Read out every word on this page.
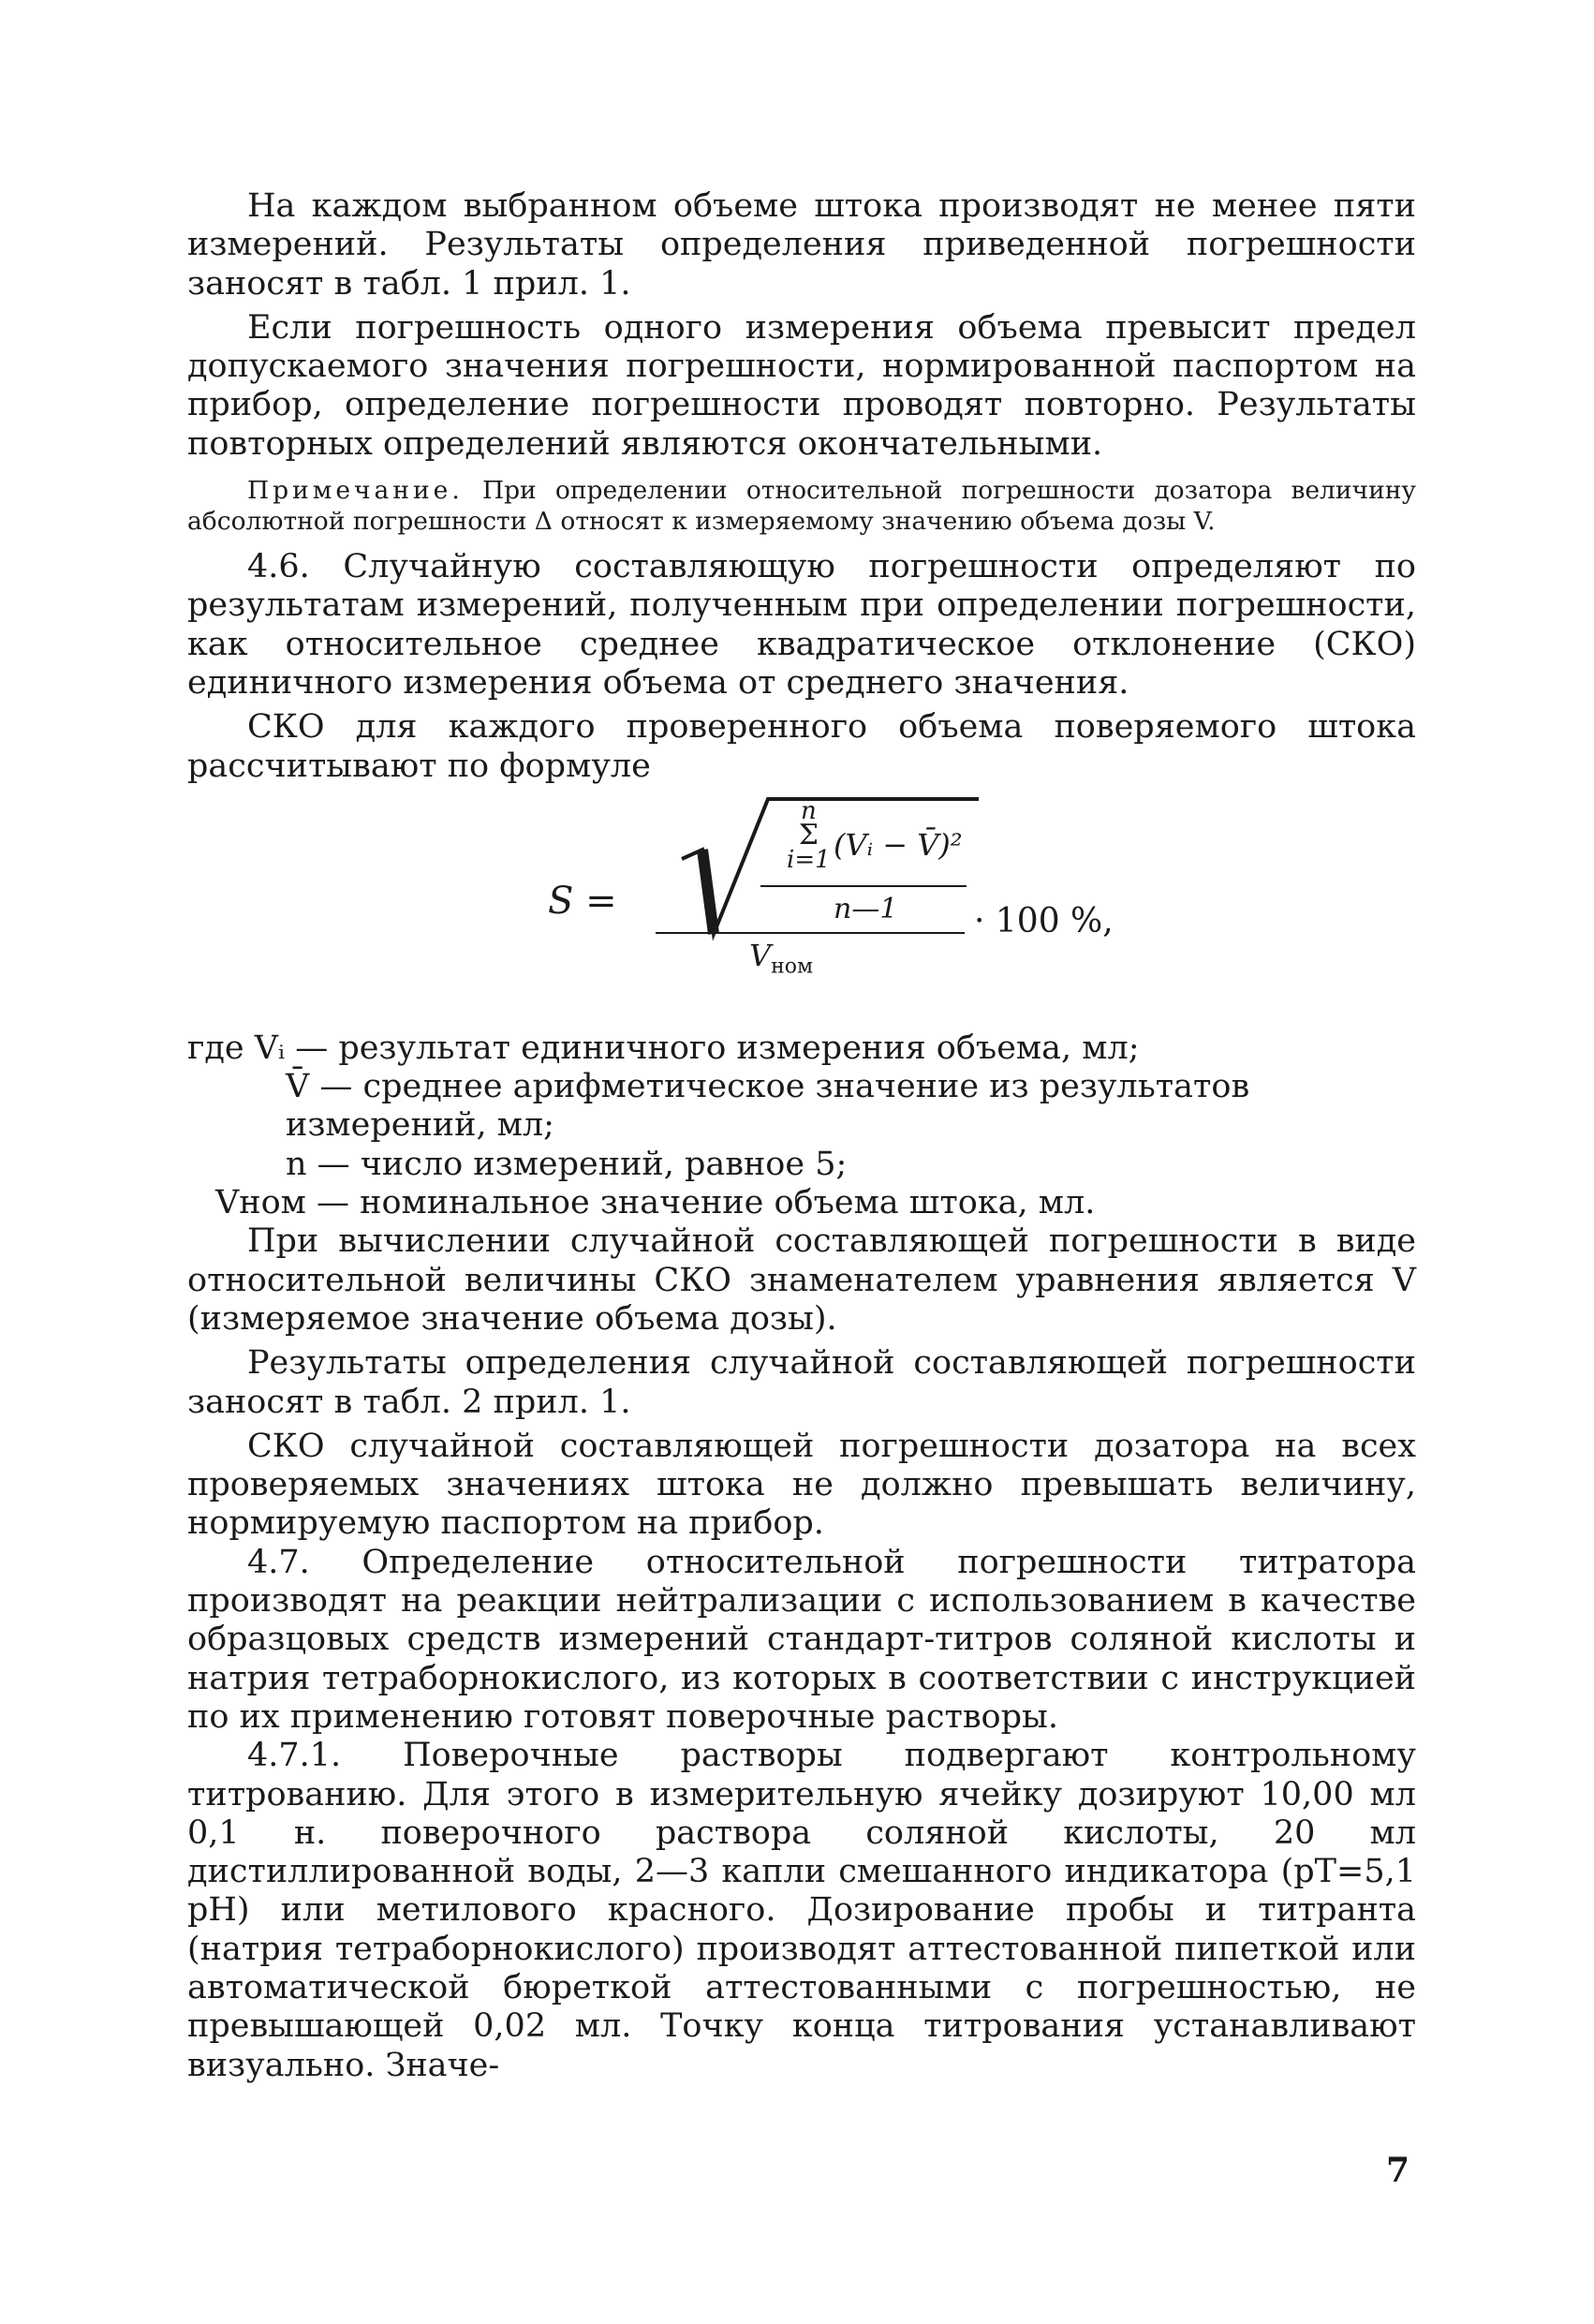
На каждом выбранном объеме штока производят не менее пяти измерений. Результаты определения приведенной погрешности заносят в табл. 1 прил. 1.

Если погрешность одного измерения объема превысит предел допускаемого значения погрешности, нормированной паспортом на прибор, определение погрешности проводят повторно. Результаты повторных определений являются окончательными.

Примечание. При определении относительной погрешности дозатора величину абсолютной погрешности Δ относят к измеряемому значению объема дозы V.

4.6. Случайную составляющую погрешности определяют по результатам измерений, полученным при определении погрешности, как относительное среднее квадратическое отклонение (СКО) единичного измерения объема от среднего значения.

СКО для каждого проверенного объема поверяемого штока рассчитывают по формуле

S =
n
Σ
i=1 (Vᵢ − V̄)²
n—1
$V_{ном}$
· 100 %,
где Vᵢ — результат единичного измерения объема, мл;
V̄ — среднее арифметическое значение из результатов измерений, мл;
n — число измерений, равное 5;
Vном — номинальное значение объема штока, мл.

При вычислении случайной составляющей погрешности в виде относительной величины СКО знаменателем уравнения является V (измеряемое значение объема дозы).

Результаты определения случайной составляющей погрешности заносят в табл. 2 прил. 1.

СКО случайной составляющей погрешности дозатора на всех проверяемых значениях штока не должно превышать величину, нормируемую паспортом на прибор.

4.7. Определение относительной погрешности титратора производят на реакции нейтрализации с использованием в качестве образцовых средств измерений стандарт-титров соляной кислоты и натрия тетраборнокислого, из которых в соответствии с инструкцией по их применению готовят поверочные растворы.

4.7.1. Поверочные растворы подвергают контрольному титрованию. Для этого в измерительную ячейку дозируют 10,00 мл 0,1 н. поверочного раствора соляной кислоты, 20 мл дистиллированной воды, 2—3 капли смешанного индикатора (pT=5,1 pH) или метилового красного. Дозирование пробы и титранта (натрия тетраборнокислого) производят аттестованной пипеткой или автоматической бюреткой аттестованными с погрешностью, не превышающей 0,02 мл. Точку конца титрования устанавливают визуально. Значе-

7
